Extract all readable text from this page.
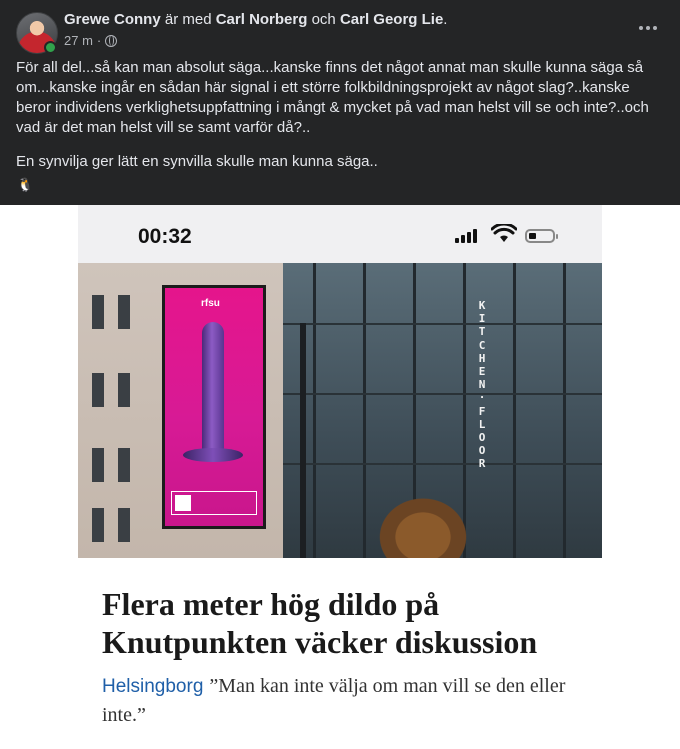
Grewe Conny är med Carl Norberg och Carl Georg Lie.
27 m ·

För all del...så kan man absolut säga...kanske finns det något annat man skulle kunna säga så om...kanske ingår en sådan här signal i ett större folkbildningsprojekt av något slag?..kanske beror individens verklighetsuppfattning i mångt & mycket på vad man helst vill se och inte?..och vad är det man helst vill se samt varför då?..

En synvilja ger lätt en synvilla skulle man kunna säga..

🐧
00:32
rfsu	K
I
T
C
H
E
N
·
F
L
O
O
R
Flera meter hög dildo på Knutpunkten väcker diskussion
Helsingborg ”Man kan inte välja om man vill se den eller inte.”
